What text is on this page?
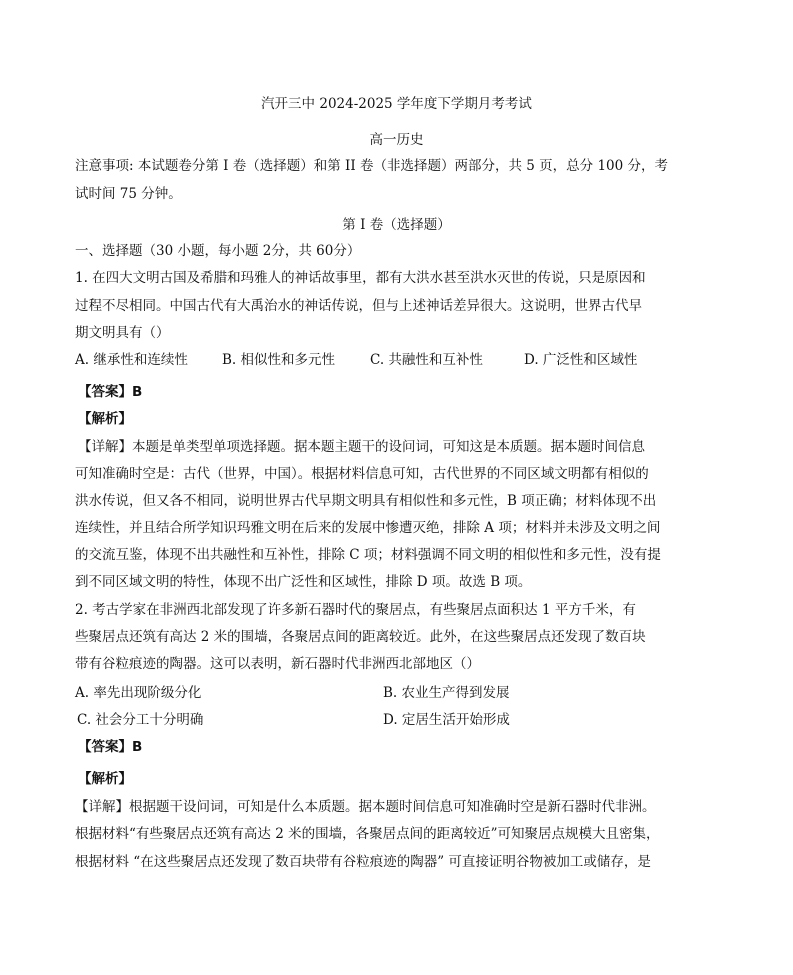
汽开三中 2024-2025 学年度下学期月考考试
高一历史
注意事项: 本试题卷分第 I 卷（选择题）和第 II 卷（非选择题）两部分，共 5 页，总分 100 分，考
试时间 75 分钟。
第 I 卷（选择题）
一、选择题（30 小题，每小题 2分，共 60分）
1. 在四大文明古国及希腊和玛雅人的神话故事里，都有大洪水甚至洪水灭世的传说，只是原因和
过程不尽相同。中国古代有大禹治水的神话传说，但与上述神话差异很大。这说明，世界古代早
期文明具有（）
A. 继承性和连续性	B. 相似性和多元性	C. 共融性和互补性	D. 广泛性和区域性
【答案】B
【解析】
【详解】本题是单类型单项选择题。据本题主题干的设问词，可知这是本质题。据本题时间信息
可知准确时空是：古代（世界，中国）。根据材料信息可知，古代世界的不同区域文明都有相似的
洪水传说，但又各不相同，说明世界古代早期文明具有相似性和多元性，B 项正确；材料体现不出
连续性，并且结合所学知识玛雅文明在后来的发展中惨遭灭绝，排除 A 项；材料并未涉及文明之间
的交流互鉴，体现不出共融性和互补性，排除 C 项；材料强调不同文明的相似性和多元性，没有提
到不同区域文明的特性，体现不出广泛性和区域性，排除 D 项。故选 B 项。
2. 考古学家在非洲西北部发现了许多新石器时代的聚居点，有些聚居点面积达 1 平方千米，有
些聚居点还筑有高达 2 米的围墙，各聚居点间的距离较近。此外，在这些聚居点还发现了数百块
带有谷粒痕迹的陶器。这可以表明，新石器时代非洲西北部地区（）
A. 率先出现阶级分化	B. 农业生产得到发展
C. 社会分工十分明确	D. 定居生活开始形成
【答案】B
【解析】
【详解】根据题干设问词，可知是什么本质题。据本题时间信息可知准确时空是新石器时代非洲。
根据材料“有些聚居点还筑有高达 2 米的围墙，各聚居点间的距离较近”可知聚居点规模大且密集，
根据材料 “在这些聚居点还发现了数百块带有谷粒痕迹的陶器” 可直接证明谷物被加工或储存，是
